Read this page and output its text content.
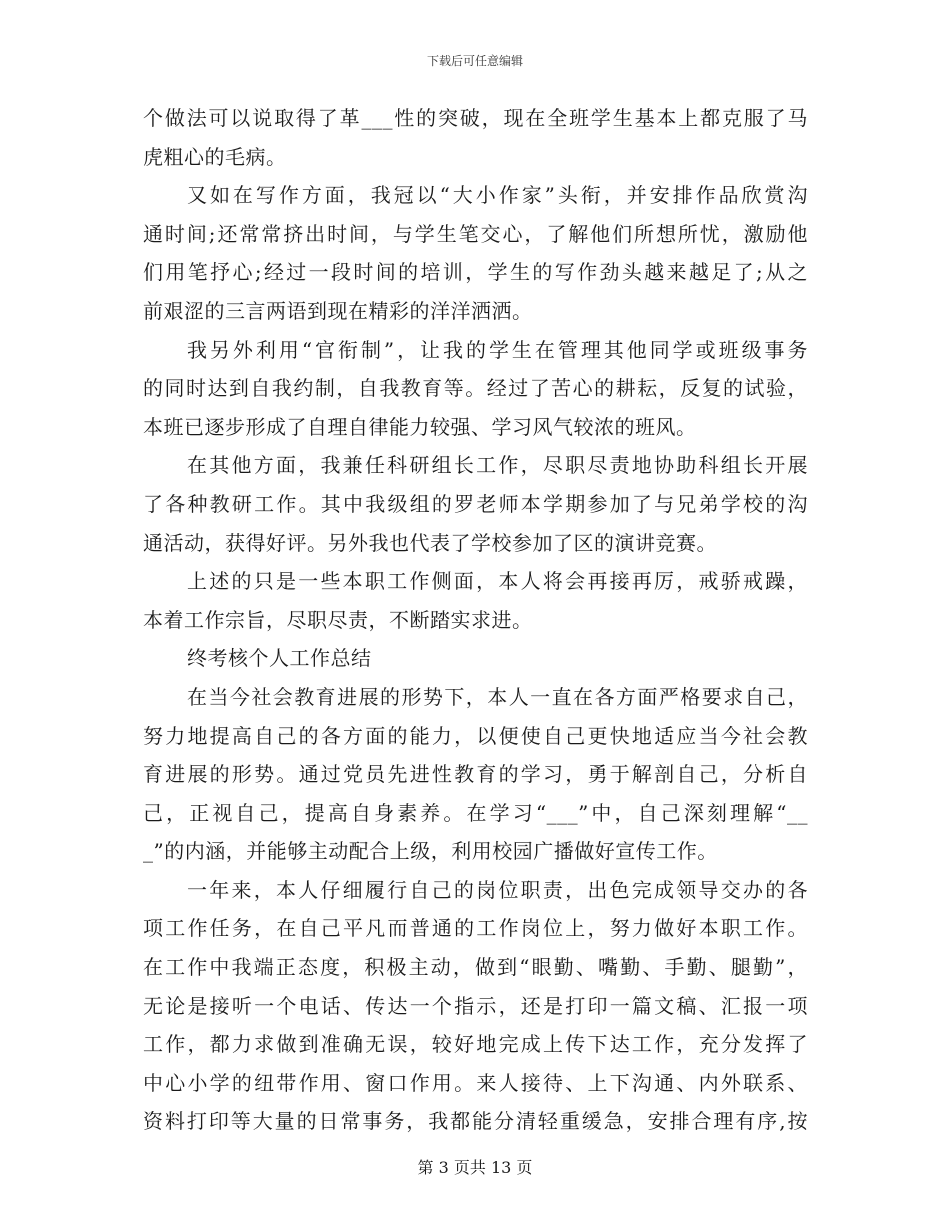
下载后可任意编辑
个做法可以说取得了革___性的突破，现在全班学生基本上都克服了马
虎粗心的毛病。
又如在写作方面，我冠以“大小作家”头衔，并安排作品欣赏沟
通时间;还常常挤出时间，与学生笔交心，了解他们所想所忧，激励他
们用笔抒心;经过一段时间的培训，学生的写作劲头越来越足了;从之
前艰涩的三言两语到现在精彩的洋洋洒洒。
我另外利用“官衔制”，让我的学生在管理其他同学或班级事务
的同时达到自我约制，自我教育等。经过了苦心的耕耘，反复的试验，
本班已逐步形成了自理自律能力较强、学习风气较浓的班风。
在其他方面，我兼任科研组长工作，尽职尽责地协助科组长开展
了各种教研工作。其中我级组的罗老师本学期参加了与兄弟学校的沟
通活动，获得好评。另外我也代表了学校参加了区的演讲竞赛。
上述的只是一些本职工作侧面，本人将会再接再厉，戒骄戒躁，
本着工作宗旨，尽职尽责，不断踏实求进。
终考核个人工作总结
在当今社会教育进展的形势下，本人一直在各方面严格要求自己，
努力地提高自己的各方面的能力，以便使自己更快地适应当今社会教
育进展的形势。通过党员先进性教育的学习，勇于解剖自己，分析自
己，正视自己，提高自身素养。在学习“___”中，自己深刻理解“__
_”的内涵，并能够主动配合上级，利用校园广播做好宣传工作。
一年来，本人仔细履行自己的岗位职责，出色完成领导交办的各
项工作任务，在自己平凡而普通的工作岗位上，努力做好本职工作。
在工作中我端正态度，积极主动，做到“眼勤、嘴勤、手勤、腿勤”，
无论是接听一个电话、传达一个指示，还是打印一篇文稿、汇报一项
工作，都力求做到准确无误，较好地完成上传下达工作，充分发挥了
中心小学的纽带作用、窗口作用。来人接待、上下沟通、内外联系、
资料打印等大量的日常事务，我都能分清轻重缓急，安排合理有序,按
第 3 页共 13 页
